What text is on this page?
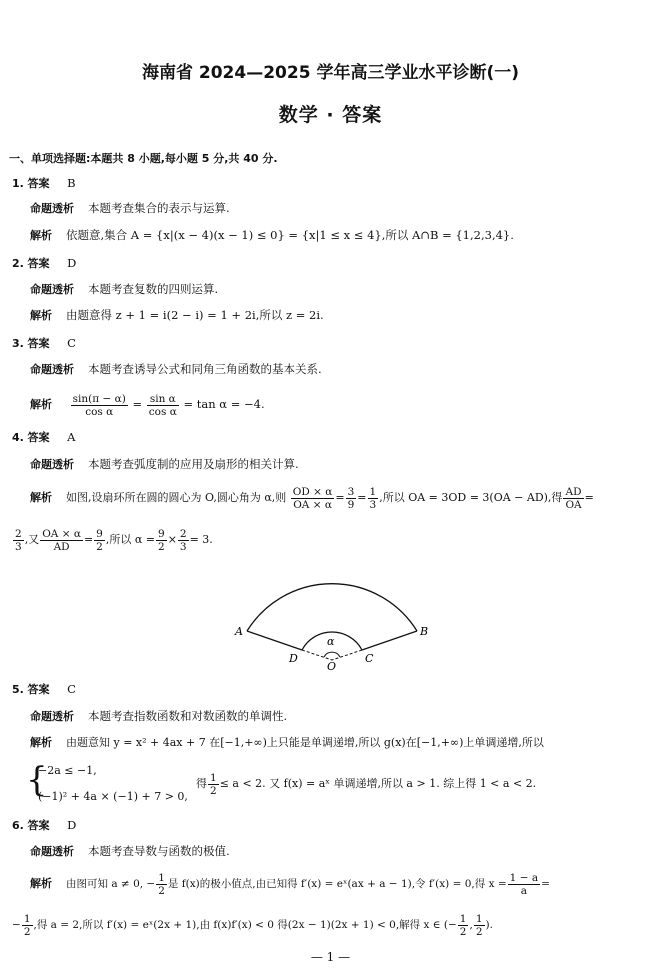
海南省 2024—2025 学年高三学业水平诊断(一)
数学 · 答案
一、单项选择题:本题共 8 小题,每小题 5 分,共 40 分.
1. 答案 B
命题透析 本题考查集合的表示与运算.
解析 依题意,集合 A = {x|(x − 4)(x − 1) ≤ 0} = {x|1 ≤ x ≤ 4},所以 A∩B = {1,2,3,4}.
2. 答案 D
命题透析 本题考查复数的四则运算.
解析 由题意得 z + 1 = i(2 − i) = 1 + 2i,所以 z = 2i.
3. 答案 C
命题透析 本题考查诱导公式和同角三角函数的基本关系.
解析 $\frac{\sin(\pi - \alpha)}{\text{cos α}} = \frac{\text{sin α}}{\text{cos α}} = \tan \alpha = -4$.
4. 答案 A
命题透析 本题考查弧度制的应用及扇形的相关计算.
解析 如图,设扇环所在圆的圆心为 O,圆心角为 α,则 $\frac{OD \times \alpha}{OA \times \alpha} = \frac{3}{9} = \frac{1}{3}$ ,所以 OA = 3OD = 3(OA − AD),得 $\frac{AD}{OA}$ =
$\frac{2}{3}$ ,又 $\frac{OA \times \alpha}{AD} = \frac{9}{2}$ ,所以 $\alpha = \frac{9}{2} \times \frac{2}{3} = 3$.
A	B
D	C
O
α
5. 答案 C
命题透析 本题考查指数函数和对数函数的单调性.
解析 由题意知 y = x² + 4ax + 7 在[−1,+∞)上只能是单调递增,所以 g(x)在[−1,+∞)上单调递增,所以
{
−2a ≤ −1,
(−1)² + 4a × (−1) + 7 > 0,
得 $\frac{1}{2} \le a < 2$. 又 f(x) = aˣ 单调递增,所以 a > 1. 综上得 1 < a < 2.
6. 答案 D
命题透析 本题考查导数与函数的极值.
解析 由图可知 a ≠ 0, − $\frac{1}{2}$ 是 f(x)的极小值点,由已知得 f′(x) = eˣ(ax + a − 1),令 f′(x) = 0,得 $x = \frac{1 - a}{a}$ =
− $\frac{1}{2}$ ,得 a = 2,所以 f′(x) = eˣ(2x + 1),由 f(x)f′(x) < 0 得(2x − 1)(2x + 1) < 0,解得 x ∈ (− $\frac{1}{2}$ , $\frac{1}{2}$ ).
— 1 —
